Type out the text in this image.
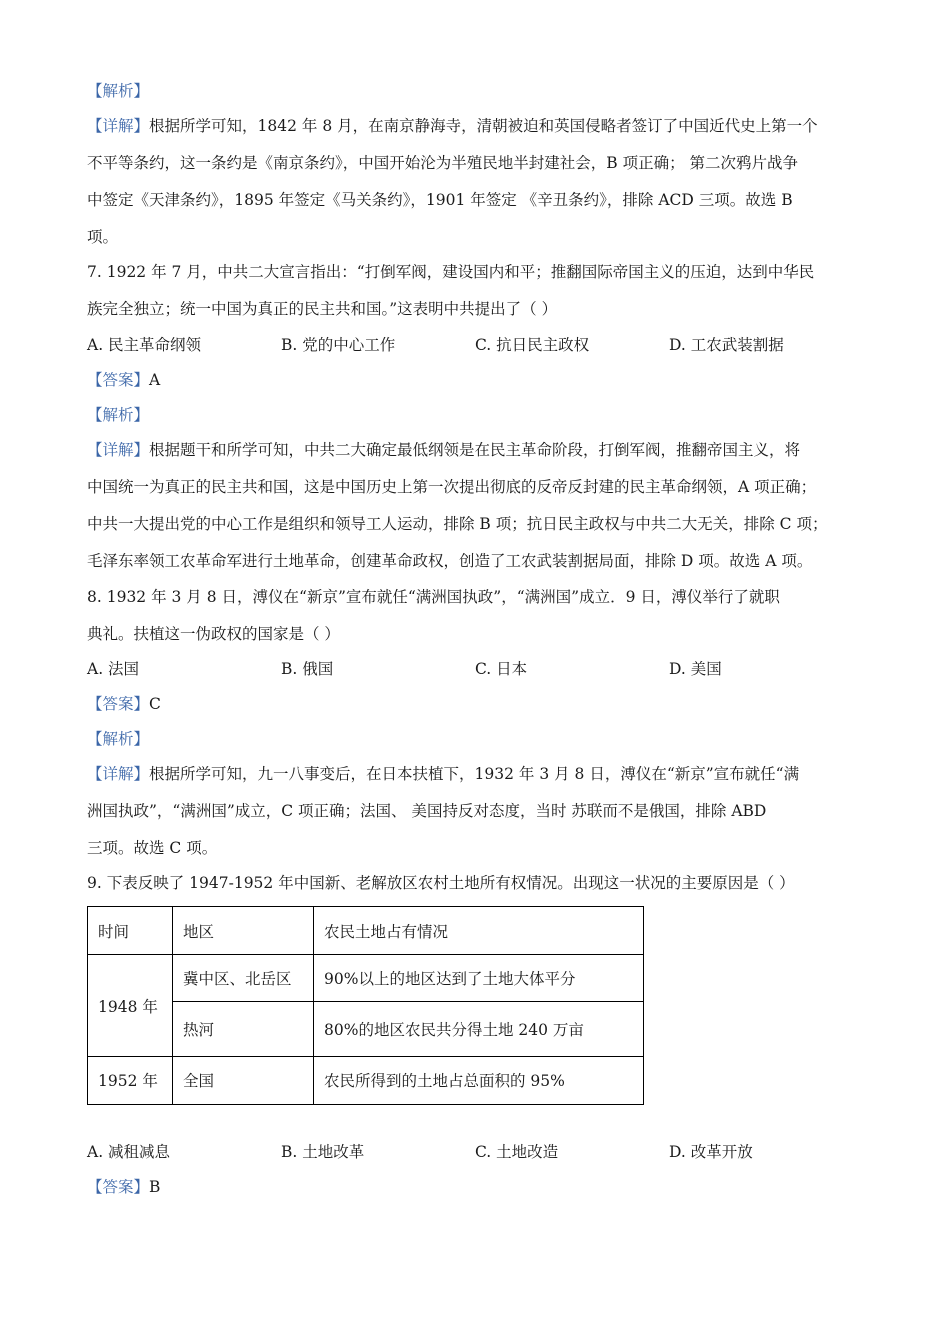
【解析】
【详解】根据所学可知，1842 年 8 月，在南京静海寺，清朝被迫和英国侵略者签订了中国近代史上第一个
不平等条约，这一条约是《南京条约》，中国开始沦为半殖民地半封建社会，B 项正确； 第二次鸦片战争
中签定《天津条约》，1895 年签定《马关条约》，1901 年签定 《辛丑条约》，排除 ACD 三项。故选 B
项。
7. 1922 年 7 月，中共二大宣言指出：“打倒军阀，建设国内和平；推翻国际帝国主义的压迫，达到中华民
族完全独立；统一中国为真正的民主共和国。”这表明中共提出了（ ）
A. 民主革命纲领	B. 党的中心工作	C. 抗日民主政权	D. 工农武装割据
【答案】A
【解析】
【详解】根据题干和所学可知，中共二大确定最低纲领是在民主革命阶段，打倒军阀，推翻帝国主义，将
中国统一为真正的民主共和国，这是中国历史上第一次提出彻底的反帝反封建的民主革命纲领，A 项正确；
中共一大提出党的中心工作是组织和领导工人运动，排除 B 项；抗日民主政权与中共二大无关，排除 C 项；
毛泽东率领工农革命军进行土地革命，创建革命政权，创造了工农武装割据局面，排除 D 项。故选 A 项。
8. 1932 年 3 月 8 日，溥仪在“新京”宣布就任“满洲国执政”，“满洲国”成立．9 日，溥仪举行了就职
典礼。扶植这一伪政权的国家是（ ）
A. 法国	B. 俄国	C. 日本	D. 美国
【答案】C
【解析】
【详解】根据所学可知，九一八事变后，在日本扶植下，1932 年 3 月 8 日，溥仪在“新京”宣布就任“满
洲国执政”，“满洲国”成立，C 项正确；法国、 美国持反对态度，当时 苏联而不是俄国，排除 ABD
三项。故选 C 项。
9. 下表反映了 1947-1952 年中国新、老解放区农村土地所有权情况。出现这一状况的主要原因是（ ）
时间	地区	农民土地占有情况
1948 年	冀中区、北岳区	90%以上的地区达到了土地大体平分
	热河	80%的地区农民共分得土地 240 万亩
1952 年	全国	农民所得到的土地占总面积的 95%
A. 减租减息	B. 土地改革	C. 土地改造	D. 改革开放
【答案】B
